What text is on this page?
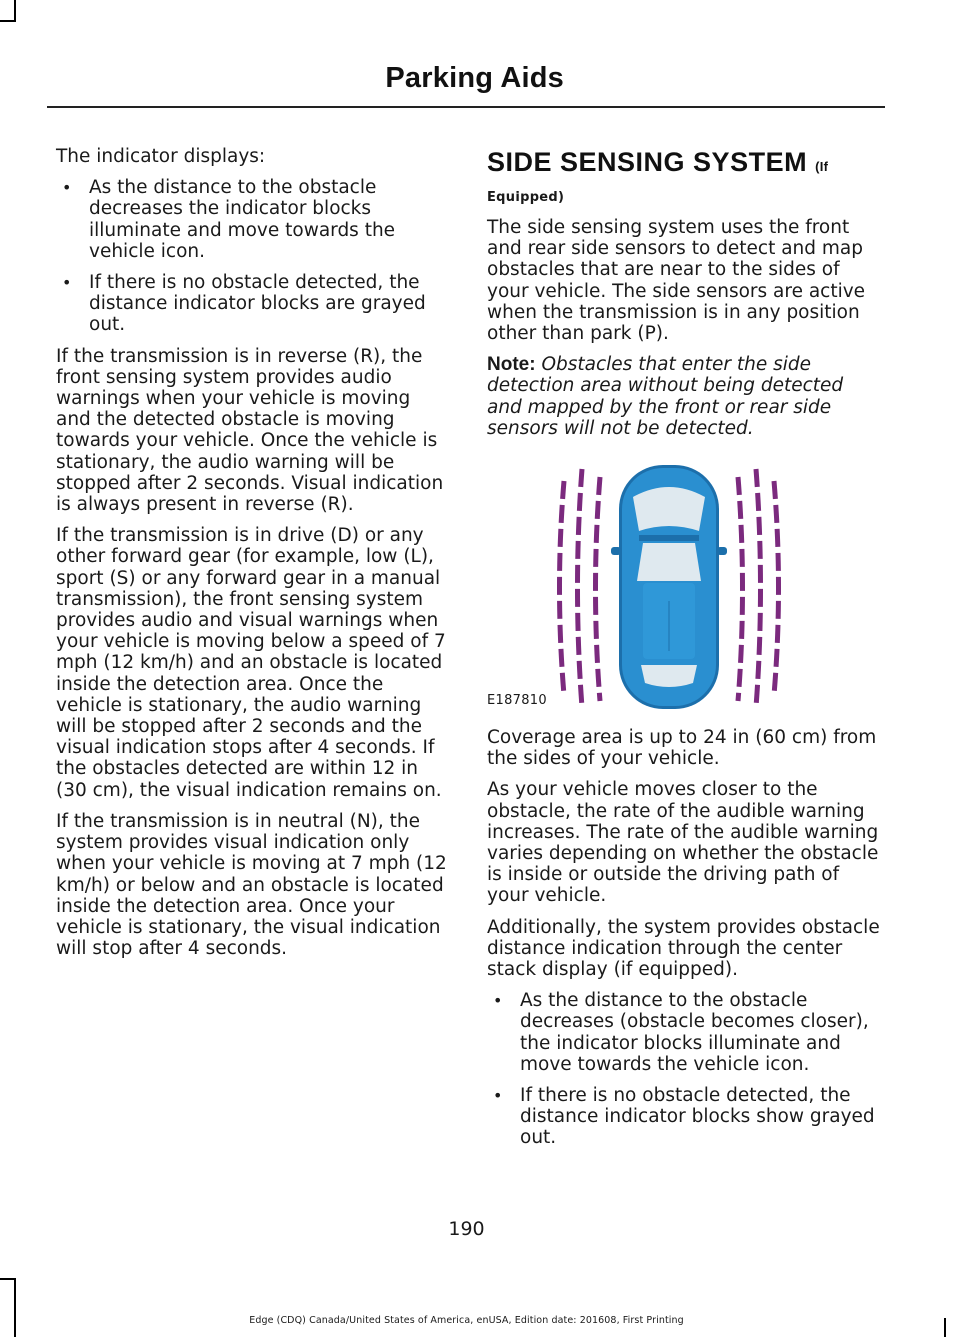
Parking Aids

The indicator displays:

• As the distance to the obstacle decreases the indicator blocks illuminate and move towards the vehicle icon.
• If there is no obstacle detected, the distance indicator blocks are grayed out.

If the transmission is in reverse (R), the front sensing system provides audio warnings when your vehicle is moving and the detected obstacle is moving towards your vehicle. Once the vehicle is stationary, the audio warning will be stopped after 2 seconds. Visual indication is always present in reverse (R).

If the transmission is in drive (D) or any other forward gear (for example, low (L), sport (S) or any forward gear in a manual transmission), the front sensing system provides audio and visual warnings when your vehicle is moving below a speed of 7 mph (12 km/h) and an obstacle is located inside the detection area. Once the vehicle is stationary, the audio warning will be stopped after 2 seconds and the visual indication stops after 4 seconds. If the obstacles detected are within 12 in (30 cm), the visual indication remains on.

If the transmission is in neutral (N), the system provides visual indication only when your vehicle is moving at 7 mph (12 km/h) or below and an obstacle is located inside the detection area. Once your vehicle is stationary, the visual indication will stop after 4 seconds.

SIDE SENSING SYSTEM (If

Equipped)

The side sensing system uses the front and rear side sensors to detect and map obstacles that are near to the sides of your vehicle. The side sensors are active when the transmission is in any position other than park (P).

Note: Obstacles that enter the side detection area without being detected and mapped by the front or rear side sensors will not be detected.

E187810

Coverage area is up to 24 in (60 cm) from the sides of your vehicle.

As your vehicle moves closer to the obstacle, the rate of the audible warning increases. The rate of the audible warning varies depending on whether the obstacle is inside or outside the driving path of your vehicle.

Additionally, the system provides obstacle distance indication through the center stack display (if equipped).

• As the distance to the obstacle decreases (obstacle becomes closer), the indicator blocks illuminate and move towards the vehicle icon.
• If there is no obstacle detected, the distance indicator blocks show grayed out.
190
Edge (CDQ) Canada/United States of America, enUSA, Edition date: 201608, First Printing
